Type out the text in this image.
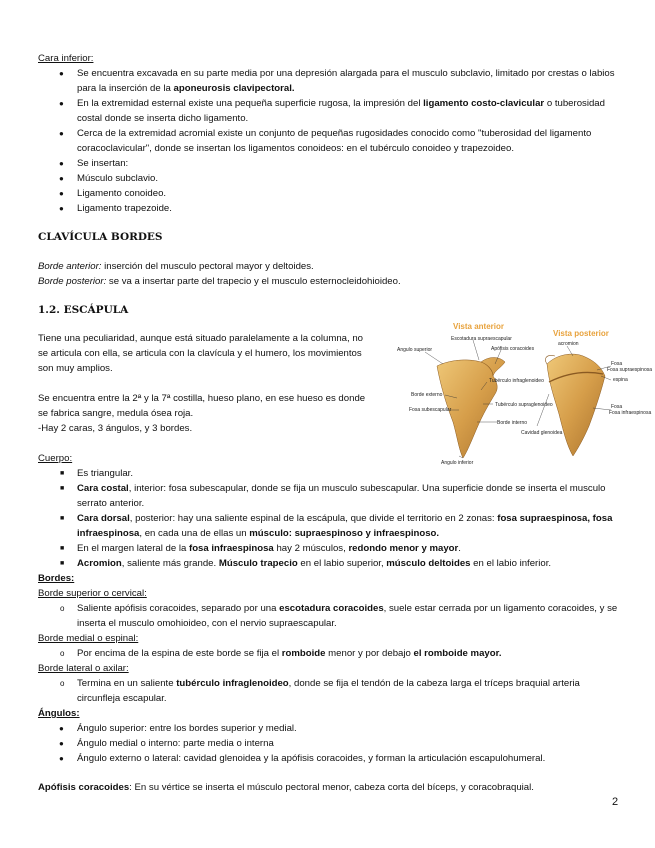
Cara inferior:
● Se encuentra excavada en su parte media por una depresión alargada para el musculo subclavio, limitado por crestas o labios para la inserción de la aponeurosis clavipectoral.
● En la extremidad esternal existe una pequeña superficie rugosa, la impresión del ligamento costo-clavicular o tuberosidad costal donde se inserta dicho ligamento.
● Cerca de la extremidad acromial existe un conjunto de pequeñas rugosidades conocido como "tuberosidad del ligamento coracoclavicular", donde se insertan los ligamentos conoideos: en el tubérculo conoideo y trapezoideo.
● Se insertan:
● Músculo subclavio.
● Ligamento conoideo.
● Ligamento trapezoide.

CLAVÍCULA BORDES

Borde anterior: inserción del musculo pectoral mayor y deltoides.

Borde posterior: se va a insertar parte del trapecio y el musculo esternocleidohioideo.

1.2. ESCÁPULA

Tiene una peculiaridad, aunque está situado paralelamente a la columna, no se articula con ella, se articula con la clavícula y el humero, los movimientos son muy amplios.

Se encuentra entre la 2ª y la 7ª costilla, hueso plano, en ese hueso es donde se fabrica sangre, medula ósea roja.

-Hay 2 caras, 3 ángulos, y 3 bordes.

Cuerpo:
■ Es triangular.
■ Cara costal, interior: fosa subescapular, donde se fija un musculo subescapular. Una superficie donde se inserta el musculo serrato anterior.
■ Cara dorsal, posterior: hay una saliente espinal de la escápula, que divide el territorio en 2 zonas: fosa supraespinosa, fosa infraespinosa, en cada una de ellas un músculo: supraespinoso y infraespinoso.
■ En el margen lateral de la fosa infraespinosa hay 2 músculos, redondo menor y mayor.
■ Acromion, saliente más grande. Músculo trapecio en el labio superior, músculo deltoides en el labio inferior.
Bordes:
Borde superior o cervical:
o Saliente apófisis coracoides, separado por una escotadura coracoides, suele estar cerrada por un ligamento coracoides, y se inserta el musculo omohioideo, con el nervio supraescapular.
Borde medial o espinal:
o Por encima de la espina de este borde se fija el romboide menor y por debajo el romboide mayor.
Borde lateral o axilar:
o Termina en un saliente tubérculo infraglenoideo, donde se fija el tendón de la cabeza larga el tríceps braquial arteria circunfleja escapular.
Ángulos:
● Ángulo superior: entre los bordes superior y medial.
● Ángulo medial o interno: parte media o interna
● Ángulo externo o lateral: cavidad glenoidea y la apófisis coracoides, y forman la articulación escapulohumeral.

Apófisis coracoides: En su vértice se inserta el músculo pectoral menor, cabeza corta del bíceps, y coracobraquial.

Vista anterior
Vista posterior
Escotadura supraescapular
Angulo superior	Apófisis coracoides
acromion
Fosa
Fosa supraespinosa
espina
Tubérculo infraglenoideo
Borde externo
Tubérculo supraglenoideo
Fosa subescapular	Fosa
Fosa infraespinosa
Borde interno
Cavidad glenoidea
Angulo inferior
2
